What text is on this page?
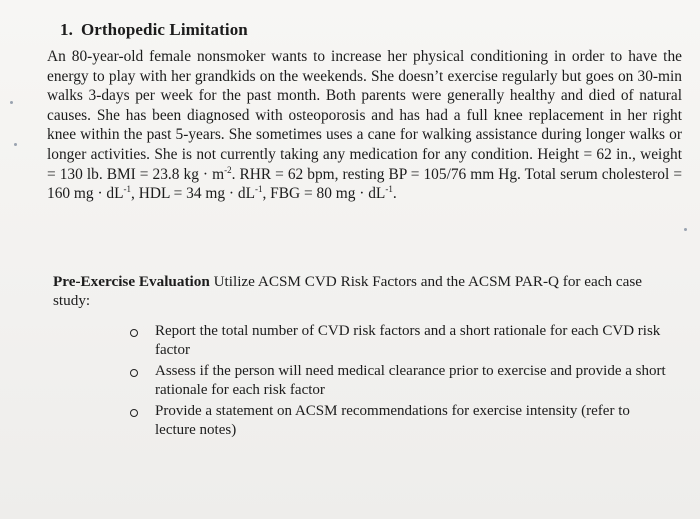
1. Orthopedic Limitation
An 80-year-old female nonsmoker wants to increase her physical conditioning in order to have the energy to play with her grandkids on the weekends. She doesn’t exercise regularly but goes on 30-min walks 3-days per week for the past month. Both parents were generally healthy and died of natural causes. She has been diagnosed with osteoporosis and has had a full knee replacement in her right knee within the past 5-years. She sometimes uses a cane for walking assistance during longer walks or longer activities. She is not currently taking any medication for any condition. Height = 62 in., weight = 130 lb. BMI = 23.8 kg · $m^{-2}$. RHR = 62 bpm, resting BP = 105/76 mm Hg. Total serum cholesterol = 160 mg · $dL^{-1}$, HDL = 34 mg · $dL^{-1}$, FBG = 80 mg · $dL^{-1}$.
Pre-Exercise Evaluation Utilize ACSM CVD Risk Factors and the ACSM PAR-Q for each case study:
Report the total number of CVD risk factors and a short rationale for each CVD risk factor
Assess if the person will need medical clearance prior to exercise and provide a short rationale for each risk factor
Provide a statement on ACSM recommendations for exercise intensity (refer to lecture notes)
